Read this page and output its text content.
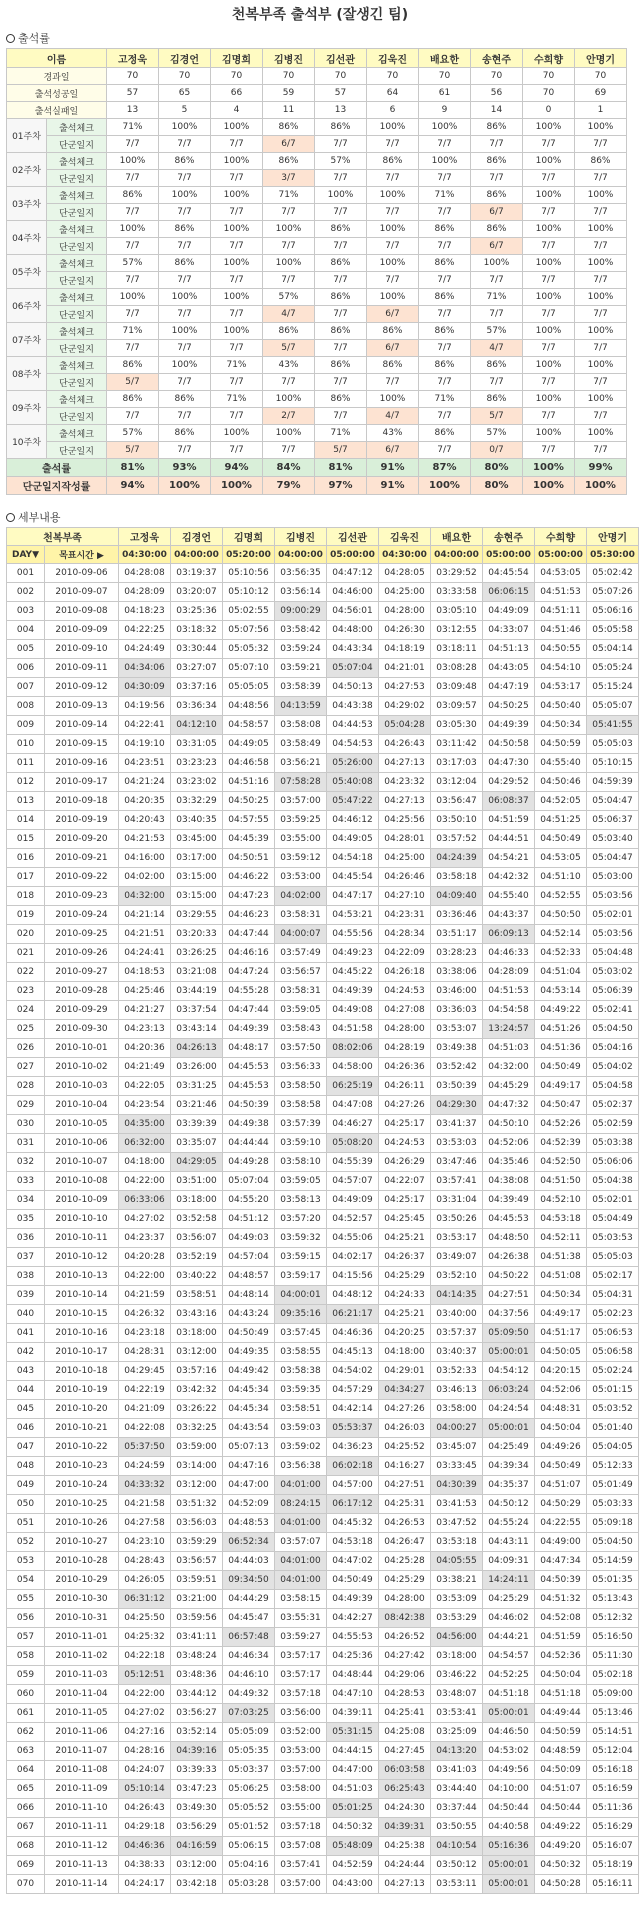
천복부족 출석부 (잘생긴 팀)
출석률
이름		고정욱	김경언	김명희	김병진	김선관	김욱진	배요한	송현주	수희향	안명기
경과일		70	70	70	70	70	70	70	70	70	70
출석성공일		57	65	66	59	57	64	61	56	70	69
출석실패일		13	5	4	11	13	6	9	14	0	1
01주차	출석체크	71%	100%	100%	86%	86%	100%	100%	86%	100%	100%
	단군일지	7/7	7/7	7/7	6/7	7/7	7/7	7/7	7/7	7/7	7/7
02주차	출석체크	100%	86%	100%	86%	57%	86%	100%	86%	100%	86%
	단군일지	7/7	7/7	7/7	3/7	7/7	7/7	7/7	7/7	7/7	7/7
03주차	출석체크	86%	100%	100%	71%	100%	100%	71%	86%	100%	100%
	단군일지	7/7	7/7	7/7	7/7	7/7	7/7	7/7	6/7	7/7	7/7
04주차	출석체크	100%	86%	100%	100%	86%	100%	86%	86%	100%	100%
	단군일지	7/7	7/7	7/7	7/7	7/7	7/7	7/7	6/7	7/7	7/7
05주차	출석체크	57%	86%	100%	100%	86%	100%	86%	100%	100%	100%
	단군일지	7/7	7/7	7/7	7/7	7/7	7/7	7/7	7/7	7/7	7/7
06주차	출석체크	100%	100%	100%	57%	86%	100%	86%	71%	100%	100%
	단군일지	7/7	7/7	7/7	4/7	7/7	6/7	7/7	7/7	7/7	7/7
07주차	출석체크	71%	100%	100%	86%	86%	86%	86%	57%	100%	100%
	단군일지	7/7	7/7	7/7	5/7	7/7	6/7	7/7	4/7	7/7	7/7
08주차	출석체크	86%	100%	71%	43%	86%	86%	86%	86%	100%	100%
	단군일지	5/7	7/7	7/7	7/7	7/7	7/7	7/7	7/7	7/7	7/7
09주차	출석체크	86%	86%	71%	100%	86%	100%	71%	86%	100%	100%
	단군일지	7/7	7/7	7/7	2/7	7/7	4/7	7/7	5/7	7/7	7/7
10주차	출석체크	57%	86%	100%	100%	71%	43%	86%	57%	100%	100%
	단군일지	5/7	7/7	7/7	7/7	5/7	6/7	7/7	0/7	7/7	7/7
출석률		81%	93%	94%	84%	81%	91%	87%	80%	100%	99%
단군일지작성률		94%	100%	100%	79%	97%	91%	100%	80%	100%	100%
세부내용
천복부족		고정욱	김경언	김명희	김병진	김선관	김욱진	배요한	송현주	수희향	안명기
DAY▼	목표시간 ▶	04:30:00	04:00:00	05:20:00	04:00:00	05:00:00	04:30:00	04:00:00	05:00:00	05:00:00	05:30:00
001	2010-09-06	04:28:08	03:19:37	05:10:56	03:56:35	04:47:12	04:28:05	03:29:52	04:45:54	04:53:05	05:02:42
002	2010-09-07	04:28:09	03:20:07	05:10:12	03:56:14	04:46:00	04:25:00	03:33:58	06:06:15	04:51:53	05:07:26
003	2010-09-08	04:18:23	03:25:36	05:02:55	09:00:29	04:56:01	04:28:00	03:05:10	04:49:09	04:51:11	05:06:16
004	2010-09-09	04:22:25	03:18:32	05:07:56	03:58:42	04:48:00	04:26:30	03:12:55	04:33:07	04:51:46	05:05:58
005	2010-09-10	04:24:49	03:30:44	05:05:32	03:59:24	04:43:34	04:18:19	03:18:11	04:51:13	04:50:55	05:04:14
006	2010-09-11	04:34:06	03:27:07	05:07:10	03:59:21	05:07:04	04:21:01	03:08:28	04:43:05	04:54:10	05:05:24
007	2010-09-12	04:30:09	03:37:16	05:05:05	03:58:39	04:50:13	04:27:53	03:09:48	04:47:19	04:53:17	05:15:24
008	2010-09-13	04:19:56	03:36:34	04:48:56	04:13:59	04:43:38	04:29:02	03:09:57	04:50:25	04:50:40	05:05:07
009	2010-09-14	04:22:41	04:12:10	04:58:57	03:58:08	04:44:53	05:04:28	03:05:30	04:49:39	04:50:34	05:41:55
010	2010-09-15	04:19:10	03:31:05	04:49:05	03:58:49	04:54:53	04:26:43	03:11:42	04:50:58	04:50:59	05:05:03
011	2010-09-16	04:23:51	03:23:23	04:46:58	03:56:21	05:26:00	04:27:13	03:17:03	04:47:30	04:55:40	05:10:15
012	2010-09-17	04:21:24	03:23:02	04:51:16	07:58:28	05:40:08	04:23:32	03:12:04	04:29:52	04:50:46	04:59:39
013	2010-09-18	04:20:35	03:32:29	04:50:25	03:57:00	05:47:22	04:27:13	03:56:47	06:08:37	04:52:05	05:04:47
014	2010-09-19	04:20:43	03:40:35	04:57:55	03:59:25	04:46:12	04:25:56	03:50:10	04:51:59	04:51:25	05:06:37
015	2010-09-20	04:21:53	03:45:00	04:45:39	03:55:00	04:49:05	04:28:01	03:57:52	04:44:51	04:50:49	05:03:40
016	2010-09-21	04:16:00	03:17:00	04:50:51	03:59:12	04:54:18	04:25:00	04:24:39	04:54:21	04:53:05	05:04:47
017	2010-09-22	04:02:00	03:15:00	04:46:22	03:53:00	04:45:54	04:26:46	03:58:18	04:42:32	04:51:10	05:03:00
018	2010-09-23	04:32:00	03:15:00	04:47:23	04:02:00	04:47:17	04:27:10	04:09:40	04:55:40	04:52:55	05:03:56
019	2010-09-24	04:21:14	03:29:55	04:46:23	03:58:31	04:53:21	04:23:31	03:36:46	04:43:37	04:50:50	05:02:01
020	2010-09-25	04:21:51	03:20:33	04:47:44	04:00:07	04:55:56	04:28:34	03:51:17	06:09:13	04:52:14	05:03:56
021	2010-09-26	04:24:41	03:26:25	04:46:16	03:57:49	04:49:23	04:22:09	03:28:23	04:46:33	04:52:33	05:04:48
022	2010-09-27	04:18:53	03:21:08	04:47:24	03:56:57	04:45:22	04:26:18	03:38:06	04:28:09	04:51:04	05:03:02
023	2010-09-28	04:25:46	03:44:19	04:55:28	03:58:31	04:49:39	04:24:53	03:46:00	04:51:53	04:53:14	05:06:39
024	2010-09-29	04:21:27	03:37:54	04:47:44	03:59:05	04:49:08	04:27:08	03:36:03	04:54:58	04:49:22	05:02:41
025	2010-09-30	04:23:13	03:43:14	04:49:39	03:58:43	04:51:58	04:28:00	03:53:07	13:24:57	04:51:26	05:04:50
026	2010-10-01	04:20:36	04:26:13	04:48:17	03:57:50	08:02:06	04:28:19	03:49:38	04:51:03	04:51:36	05:04:16
027	2010-10-02	04:21:49	03:26:00	04:45:53	03:56:33	04:58:00	04:26:36	03:52:42	04:32:00	04:50:49	05:04:02
028	2010-10-03	04:22:05	03:31:25	04:45:53	03:58:50	06:25:19	04:26:11	03:50:39	04:45:29	04:49:17	05:04:58
029	2010-10-04	04:23:54	03:21:46	04:50:39	03:58:58	04:47:08	04:27:26	04:29:30	04:47:32	04:50:47	05:02:37
030	2010-10-05	04:35:00	03:39:39	04:49:38	03:57:39	04:46:27	04:25:17	03:41:37	04:50:10	04:52:26	05:02:59
031	2010-10-06	06:32:00	03:35:07	04:44:44	03:59:10	05:08:20	04:24:53	03:53:03	04:52:06	04:52:39	05:03:38
032	2010-10-07	04:18:00	04:29:05	04:49:28	03:58:10	04:55:39	04:26:29	03:47:46	04:35:46	04:52:50	05:06:06
033	2010-10-08	04:22:00	03:51:00	05:07:04	03:59:05	04:57:07	04:22:07	03:57:41	04:38:08	04:51:50	05:04:38
034	2010-10-09	06:33:06	03:18:00	04:55:20	03:58:13	04:49:09	04:25:17	03:31:04	04:39:49	04:52:10	05:02:01
035	2010-10-10	04:27:02	03:52:58	04:51:12	03:57:20	04:52:57	04:25:45	03:50:26	04:45:53	04:53:18	05:04:49
036	2010-10-11	04:23:37	03:56:07	04:49:03	03:59:32	04:55:06	04:25:21	03:53:17	04:48:50	04:52:11	05:03:53
037	2010-10-12	04:20:28	03:52:19	04:57:04	03:59:15	04:02:17	04:26:37	03:49:07	04:26:38	04:51:38	05:05:03
038	2010-10-13	04:22:00	03:40:22	04:48:57	03:59:17	04:15:56	04:25:29	03:52:10	04:50:22	04:51:08	05:02:17
039	2010-10-14	04:21:59	03:58:51	04:48:14	04:00:01	04:48:12	04:24:33	04:14:35	04:27:51	04:50:34	05:04:31
040	2010-10-15	04:26:32	03:43:16	04:43:24	09:35:16	06:21:17	04:25:21	03:40:00	04:37:56	04:49:17	05:02:23
041	2010-10-16	04:23:18	03:18:00	04:50:49	03:57:45	04:46:36	04:20:25	03:57:37	05:09:50	04:51:17	05:06:53
042	2010-10-17	04:28:31	03:12:00	04:49:35	03:58:55	04:45:13	04:18:00	03:40:37	05:00:01	04:50:05	05:06:58
043	2010-10-18	04:29:45	03:57:16	04:49:42	03:58:38	04:54:02	04:29:01	03:52:33	04:54:12	04:20:15	05:02:24
044	2010-10-19	04:22:19	03:42:32	04:45:34	03:59:35	04:57:29	04:34:27	03:46:13	06:03:24	04:52:06	05:01:15
045	2010-10-20	04:21:09	03:26:22	04:45:34	03:58:51	04:42:14	04:27:26	03:58:00	04:24:54	04:48:31	05:03:52
046	2010-10-21	04:22:08	03:32:25	04:43:54	03:59:03	05:53:37	04:26:03	04:00:27	05:00:01	04:50:04	05:01:40
047	2010-10-22	05:37:50	03:59:00	05:07:13	03:59:02	04:36:23	04:25:52	03:45:07	04:25:49	04:49:26	05:04:05
048	2010-10-23	04:24:59	03:14:00	04:47:16	03:56:38	06:02:18	04:16:27	03:33:45	04:39:34	04:50:49	05:12:33
049	2010-10-24	04:33:32	03:12:00	04:47:00	04:01:00	04:57:00	04:27:51	04:30:39	04:35:37	04:51:07	05:01:49
050	2010-10-25	04:21:58	03:51:32	04:52:09	08:24:15	06:17:12	04:25:31	03:41:53	04:50:12	04:50:29	05:03:33
051	2010-10-26	04:27:58	03:56:03	04:48:53	04:01:00	04:45:32	04:26:53	03:47:52	04:55:24	04:22:55	05:09:18
052	2010-10-27	04:23:10	03:59:29	06:52:34	03:57:07	04:53:18	04:26:47	03:53:18	04:43:11	04:49:00	05:04:50
053	2010-10-28	04:28:43	03:56:57	04:44:03	04:01:00	04:47:02	04:25:28	04:05:55	04:09:31	04:47:34	05:14:59
054	2010-10-29	04:26:05	03:59:51	09:34:50	04:01:00	04:50:49	04:25:29	03:38:21	14:24:11	04:50:39	05:01:35
055	2010-10-30	06:31:12	03:21:00	04:44:29	03:58:15	04:49:39	04:28:00	03:53:09	04:25:29	04:51:32	05:13:43
056	2010-10-31	04:25:50	03:59:56	04:45:47	03:55:31	04:42:27	08:42:38	03:53:29	04:46:02	04:52:08	05:12:32
057	2010-11-01	04:25:32	03:41:11	06:57:48	03:59:27	04:55:53	04:26:52	04:56:00	04:44:21	04:51:59	05:16:50
058	2010-11-02	04:22:18	03:48:24	04:46:34	03:57:17	04:25:36	04:27:42	03:18:00	04:54:57	04:52:36	05:11:30
059	2010-11-03	05:12:51	03:48:36	04:46:10	03:57:17	04:48:44	04:29:06	03:46:22	04:52:25	04:50:04	05:02:18
060	2010-11-04	04:22:00	03:44:12	04:49:32	03:57:18	04:47:10	04:28:53	03:48:07	04:51:18	04:51:18	05:09:00
061	2010-11-05	04:27:02	03:56:27	07:03:25	03:56:00	04:39:11	04:25:41	03:53:41	05:00:01	04:49:44	05:13:46
062	2010-11-06	04:27:16	03:52:14	05:05:09	03:52:00	05:31:15	04:25:08	03:25:09	04:46:50	04:50:59	05:14:51
063	2010-11-07	04:28:16	04:39:16	05:05:35	03:53:00	04:44:15	04:27:45	04:13:20	04:53:02	04:48:59	05:12:04
064	2010-11-08	04:24:07	03:39:33	05:03:37	03:57:00	04:47:00	06:03:58	03:41:03	04:49:56	04:50:09	05:16:18
065	2010-11-09	05:10:14	03:47:23	05:06:25	03:58:00	04:51:03	06:25:43	03:44:40	04:10:00	04:51:07	05:16:59
066	2010-11-10	04:26:43	03:49:30	05:05:52	03:55:00	05:01:25	04:24:30	03:37:44	04:50:44	04:50:44	05:11:36
067	2010-11-11	04:29:18	03:56:29	05:01:52	03:57:18	04:50:32	04:39:31	03:50:55	04:40:58	04:49:22	05:16:29
068	2010-11-12	04:46:36	04:16:59	05:06:15	03:57:08	05:48:09	04:25:38	04:10:54	05:16:36	04:49:20	05:16:07
069	2010-11-13	04:38:33	03:12:00	05:04:16	03:57:41	04:52:59	04:24:44	03:50:12	05:00:01	04:50:32	05:18:19
070	2010-11-14	04:24:17	03:42:18	05:03:28	03:57:00	04:43:00	04:27:13	03:53:11	05:00:01	04:50:28	05:16:11
